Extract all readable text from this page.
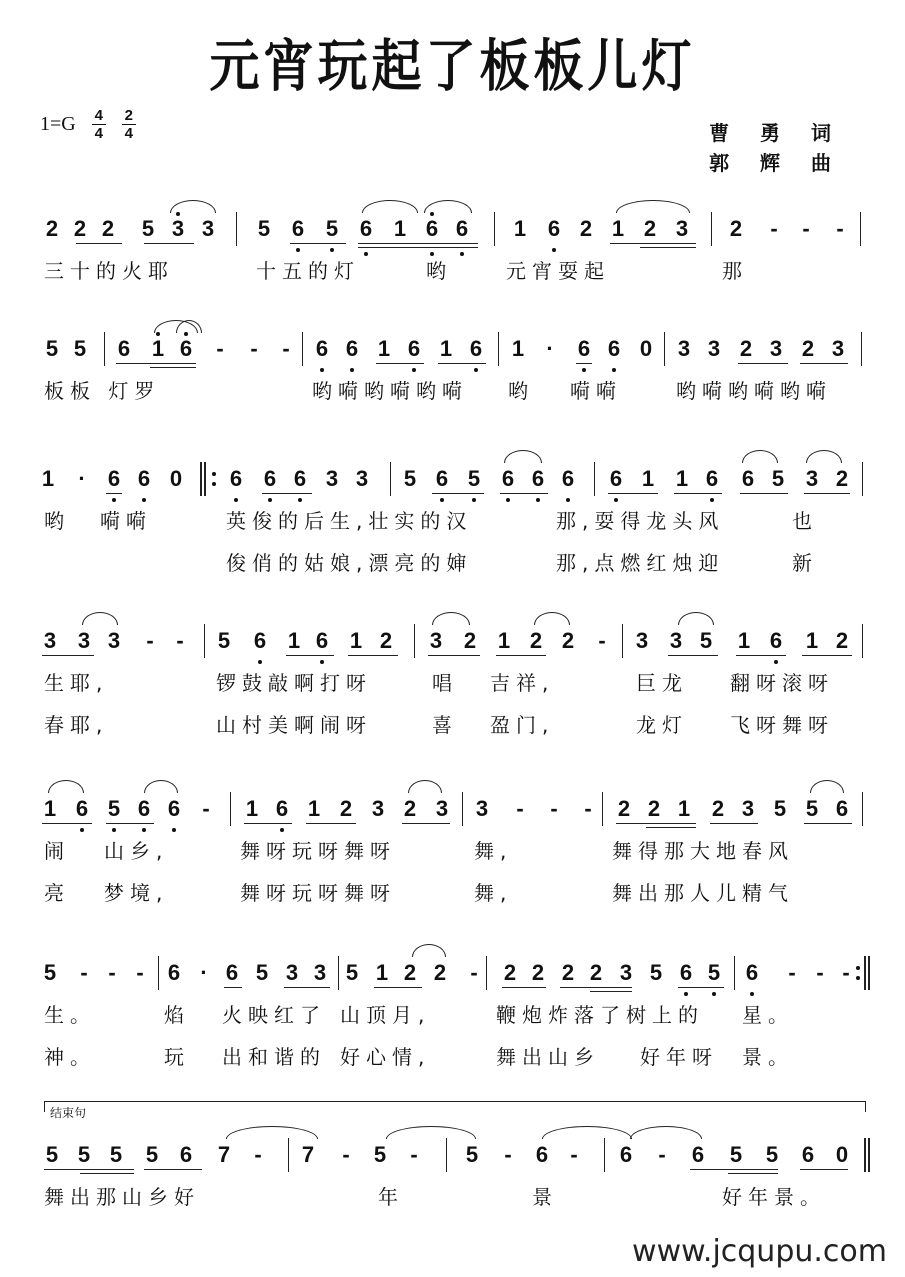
元宵玩起了板板儿灯
$1=G \frac{4}{4} \frac{2}{4}$	曹 勇 词
郭 辉 曲
2 2 2 5 3 3 5 6 5 6 1 6 6 1 6 2 1 2 3 2 - - -
三十的火耶	十五的灯	哟	元宵耍起	那
5 5 6 1 6 - - - 6 6 1 6 1 6 1 · 6 6 0 3 3 2 3 2 3
板板 灯罗	哟嗬哟嗬哟嗬 哟 嗬嗬	哟嗬哟嗬哟嗬
1 · 6 6 0 6 6 6 3 3 5 6 5 6 6 6 6 1 1 6 6 5 3 2
哟 嗬嗬	英俊的后生,壮实的汉	那,耍得龙头风	也
俊俏的姑娘,漂亮的婶	那,点燃红烛迎	新
3 3 3 - - 5 6 1 6 1 2 3 2 1 2 2 - 3 3 5 1 6 1 2
生耶,	锣鼓敲啊打呀	唱 吉祥,	巨龙 翻呀滚呀
春耶,	山村美啊闹呀	喜 盈门,	龙灯 飞呀舞呀
1 6 5 6 6 - 1 6 1 2 3 2 3 3 - - - 2 2 1 2 3 5 5 6
闹 山乡,	舞呀玩呀舞呀	舞,	舞得那大地春风
亮 梦境,	舞呀玩呀舞呀	舞,	舞出那人儿精气
5 - - - 6 · 6 5 3 3 5 1 2 2 - 2 2 2 2 3 5 6 5 6 - - -
生。	焰 火映红了 山顶月,	鞭炮炸落了树上的 星。
神。	玩 出和谐的 好心情,	舞出山乡 好年呀 景。
5 5 5 5 6 7 - 7 - 5 - 5 - 6 - 6 - 6 5 5 6 0
舞出那山乡好	年	景	好年景。
结束句
www.jcqupu.com
